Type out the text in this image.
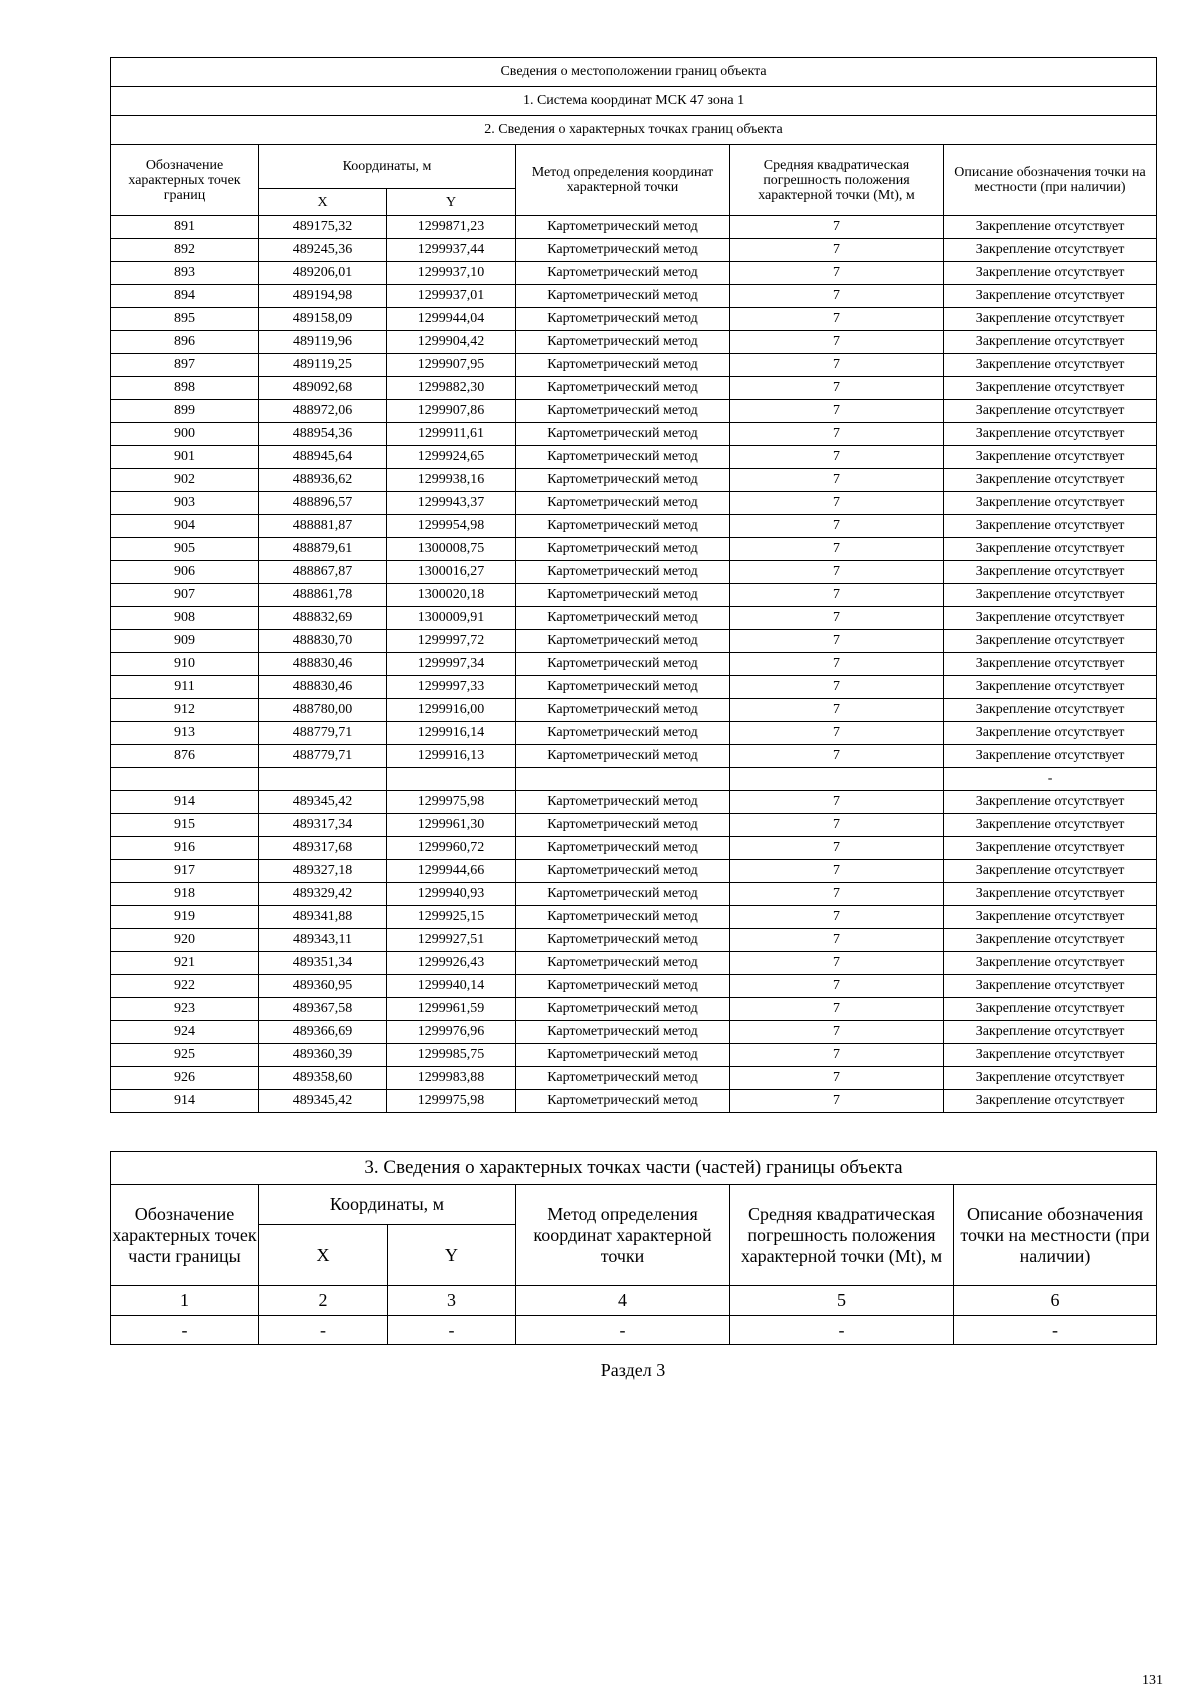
Сведения о местоположении границ объекта					
1. Система координат МСК 47 зона 1					
2. Сведения о характерных точках границ объекта					
Обозначение характерных точек границ	Координаты, м		Метод определения координат характерной точки	Средняя квадратическая погрешность положения характерной точки (Mt), м	Описание обозначения точки на местности (при наличии)
	X	Y			
891	489175,32	1299871,23	Картометрический метод	7	Закрепление отсутствует
892	489245,36	1299937,44	Картометрический метод	7	Закрепление отсутствует
893	489206,01	1299937,10	Картометрический метод	7	Закрепление отсутствует
894	489194,98	1299937,01	Картометрический метод	7	Закрепление отсутствует
895	489158,09	1299944,04	Картометрический метод	7	Закрепление отсутствует
896	489119,96	1299904,42	Картометрический метод	7	Закрепление отсутствует
897	489119,25	1299907,95	Картометрический метод	7	Закрепление отсутствует
898	489092,68	1299882,30	Картометрический метод	7	Закрепление отсутствует
899	488972,06	1299907,86	Картометрический метод	7	Закрепление отсутствует
900	488954,36	1299911,61	Картометрический метод	7	Закрепление отсутствует
901	488945,64	1299924,65	Картометрический метод	7	Закрепление отсутствует
902	488936,62	1299938,16	Картометрический метод	7	Закрепление отсутствует
903	488896,57	1299943,37	Картометрический метод	7	Закрепление отсутствует
904	488881,87	1299954,98	Картометрический метод	7	Закрепление отсутствует
905	488879,61	1300008,75	Картометрический метод	7	Закрепление отсутствует
906	488867,87	1300016,27	Картометрический метод	7	Закрепление отсутствует
907	488861,78	1300020,18	Картометрический метод	7	Закрепление отсутствует
908	488832,69	1300009,91	Картометрический метод	7	Закрепление отсутствует
909	488830,70	1299997,72	Картометрический метод	7	Закрепление отсутствует
910	488830,46	1299997,34	Картометрический метод	7	Закрепление отсутствует
911	488830,46	1299997,33	Картометрический метод	7	Закрепление отсутствует
912	488780,00	1299916,00	Картометрический метод	7	Закрепление отсутствует
913	488779,71	1299916,14	Картометрический метод	7	Закрепление отсутствует
876	488779,71	1299916,13	Картометрический метод	7	Закрепление отсутствует
					-
914	489345,42	1299975,98	Картометрический метод	7	Закрепление отсутствует
915	489317,34	1299961,30	Картометрический метод	7	Закрепление отсутствует
916	489317,68	1299960,72	Картометрический метод	7	Закрепление отсутствует
917	489327,18	1299944,66	Картометрический метод	7	Закрепление отсутствует
918	489329,42	1299940,93	Картометрический метод	7	Закрепление отсутствует
919	489341,88	1299925,15	Картометрический метод	7	Закрепление отсутствует
920	489343,11	1299927,51	Картометрический метод	7	Закрепление отсутствует
921	489351,34	1299926,43	Картометрический метод	7	Закрепление отсутствует
922	489360,95	1299940,14	Картометрический метод	7	Закрепление отсутствует
923	489367,58	1299961,59	Картометрический метод	7	Закрепление отсутствует
924	489366,69	1299976,96	Картометрический метод	7	Закрепление отсутствует
925	489360,39	1299985,75	Картометрический метод	7	Закрепление отсутствует
926	489358,60	1299983,88	Картометрический метод	7	Закрепление отсутствует
914	489345,42	1299975,98	Картометрический метод	7	Закрепление отсутствует
3. Сведения о характерных точках части (частей) границы объекта					
Обозначение характерных точек части границы	Координаты, м		Метод определения координат характерной точки	Средняя квадратическая погрешность положения характерной точки (Mt), м	Описание обозначения точки на местности (при наличии)
	X	Y			
1	2	3	4	5	6
-	-	-	-	-	-
Раздел 3
131
